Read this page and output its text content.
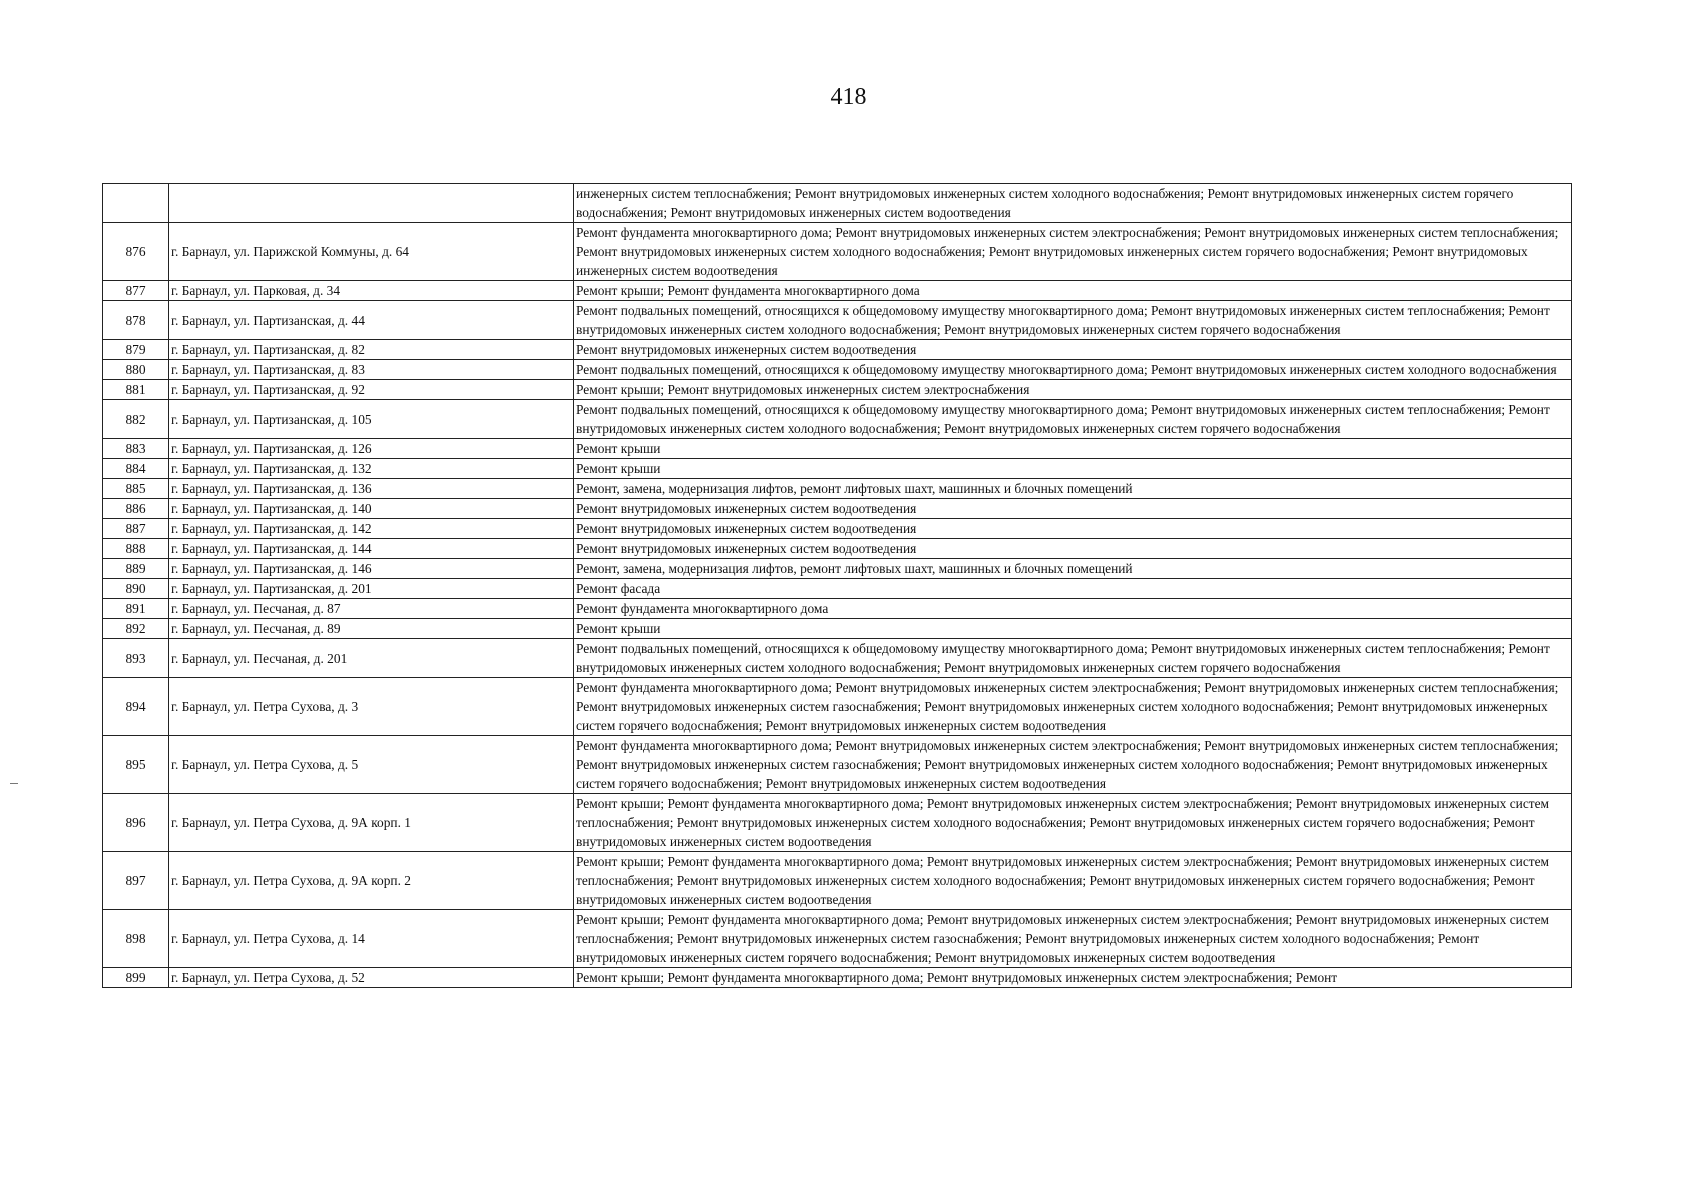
418
		инженерных систем теплоснабжения; Ремонт внутридомовых инженерных систем холодного водоснабжения; Ремонт внутридомовых инженерных систем горячего водоснабжения; Ремонт внутридомовых инженерных систем водоотведения
876	г. Барнаул, ул. Парижской Коммуны, д. 64	Ремонт фундамента многоквартирного дома; Ремонт внутридомовых инженерных систем электроснабжения; Ремонт внутридомовых инженерных систем теплоснабжения; Ремонт внутридомовых инженерных систем холодного водоснабжения; Ремонт внутридомовых инженерных систем горячего водоснабжения; Ремонт внутридомовых инженерных систем водоотведения
877	г. Барнаул, ул. Парковая, д. 34	Ремонт крыши; Ремонт фундамента многоквартирного дома
878	г. Барнаул, ул. Партизанская, д. 44	Ремонт подвальных помещений, относящихся к общедомовому имуществу многоквартирного дома; Ремонт внутридомовых инженерных систем теплоснабжения; Ремонт внутридомовых инженерных систем холодного водоснабжения; Ремонт внутридомовых инженерных систем горячего водоснабжения
879	г. Барнаул, ул. Партизанская, д. 82	Ремонт внутридомовых инженерных систем водоотведения
880	г. Барнаул, ул. Партизанская, д. 83	Ремонт подвальных помещений, относящихся к общедомовому имуществу многоквартирного дома; Ремонт внутридомовых инженерных систем холодного водоснабжения
881	г. Барнаул, ул. Партизанская, д. 92	Ремонт крыши; Ремонт внутридомовых инженерных систем электроснабжения
882	г. Барнаул, ул. Партизанская, д. 105	Ремонт подвальных помещений, относящихся к общедомовому имуществу многоквартирного дома; Ремонт внутридомовых инженерных систем теплоснабжения; Ремонт внутридомовых инженерных систем холодного водоснабжения; Ремонт внутридомовых инженерных систем горячего водоснабжения
883	г. Барнаул, ул. Партизанская, д. 126	Ремонт крыши
884	г. Барнаул, ул. Партизанская, д. 132	Ремонт крыши
885	г. Барнаул, ул. Партизанская, д. 136	Ремонт, замена, модернизация лифтов, ремонт лифтовых шахт, машинных и блочных помещений
886	г. Барнаул, ул. Партизанская, д. 140	Ремонт внутридомовых инженерных систем водоотведения
887	г. Барнаул, ул. Партизанская, д. 142	Ремонт внутридомовых инженерных систем водоотведения
888	г. Барнаул, ул. Партизанская, д. 144	Ремонт внутридомовых инженерных систем водоотведения
889	г. Барнаул, ул. Партизанская, д. 146	Ремонт, замена, модернизация лифтов, ремонт лифтовых шахт, машинных и блочных помещений
890	г. Барнаул, ул. Партизанская, д. 201	Ремонт фасада
891	г. Барнаул, ул. Песчаная, д. 87	Ремонт фундамента многоквартирного дома
892	г. Барнаул, ул. Песчаная, д. 89	Ремонт крыши
893	г. Барнаул, ул. Песчаная, д. 201	Ремонт подвальных помещений, относящихся к общедомовому имуществу многоквартирного дома; Ремонт внутридомовых инженерных систем теплоснабжения; Ремонт внутридомовых инженерных систем холодного водоснабжения; Ремонт внутридомовых инженерных систем горячего водоснабжения
894	г. Барнаул, ул. Петра Сухова, д. 3	Ремонт фундамента многоквартирного дома; Ремонт внутридомовых инженерных систем электроснабжения; Ремонт внутридомовых инженерных систем теплоснабжения; Ремонт внутридомовых инженерных систем газоснабжения; Ремонт внутридомовых инженерных систем холодного водоснабжения; Ремонт внутридомовых инженерных систем горячего водоснабжения; Ремонт внутридомовых инженерных систем водоотведения
895	г. Барнаул, ул. Петра Сухова, д. 5	Ремонт фундамента многоквартирного дома; Ремонт внутридомовых инженерных систем электроснабжения; Ремонт внутридомовых инженерных систем теплоснабжения; Ремонт внутридомовых инженерных систем газоснабжения; Ремонт внутридомовых инженерных систем холодного водоснабжения; Ремонт внутридомовых инженерных систем горячего водоснабжения; Ремонт внутридомовых инженерных систем водоотведения
896	г. Барнаул, ул. Петра Сухова, д. 9А корп. 1	Ремонт крыши; Ремонт фундамента многоквартирного дома; Ремонт внутридомовых инженерных систем электроснабжения; Ремонт внутридомовых инженерных систем теплоснабжения; Ремонт внутридомовых инженерных систем холодного водоснабжения; Ремонт внутридомовых инженерных систем горячего водоснабжения; Ремонт внутридомовых инженерных систем водоотведения
897	г. Барнаул, ул. Петра Сухова, д. 9А корп. 2	Ремонт крыши; Ремонт фундамента многоквартирного дома; Ремонт внутридомовых инженерных систем электроснабжения; Ремонт внутридомовых инженерных систем теплоснабжения; Ремонт внутридомовых инженерных систем холодного водоснабжения; Ремонт внутридомовых инженерных систем горячего водоснабжения; Ремонт внутридомовых инженерных систем водоотведения
898	г. Барнаул, ул. Петра Сухова, д. 14	Ремонт крыши; Ремонт фундамента многоквартирного дома; Ремонт внутридомовых инженерных систем электроснабжения; Ремонт внутридомовых инженерных систем теплоснабжения; Ремонт внутридомовых инженерных систем газоснабжения; Ремонт внутридомовых инженерных систем холодного водоснабжения; Ремонт внутридомовых инженерных систем горячего водоснабжения; Ремонт внутридомовых инженерных систем водоотведения
899	г. Барнаул, ул. Петра Сухова, д. 52	Ремонт крыши; Ремонт фундамента многоквартирного дома; Ремонт внутридомовых инженерных систем электроснабжения; Ремонт
